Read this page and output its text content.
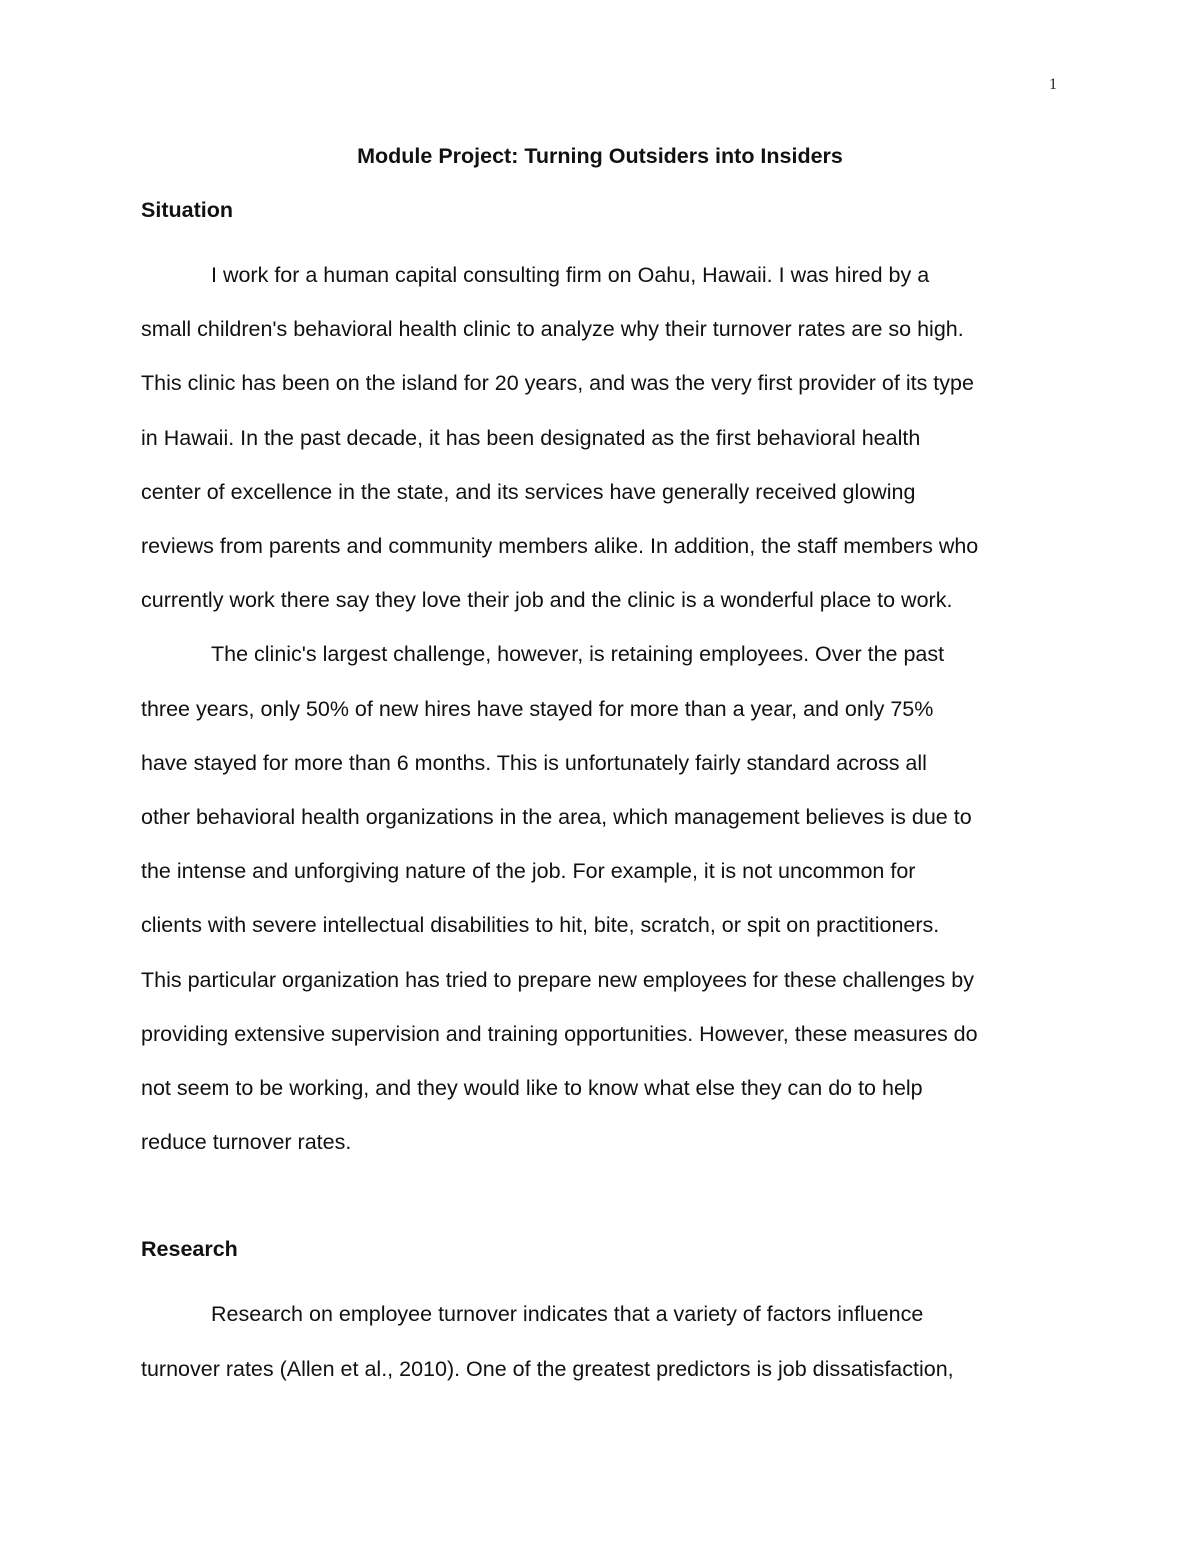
1
Module Project: Turning Outsiders into Insiders
Situation

I work for a human capital consulting firm on Oahu, Hawaii. I was hired by a
small children's behavioral health clinic to analyze why their turnover rates are so high.
This clinic has been on the island for 20 years, and was the very first provider of its type
in Hawaii. In the past decade, it has been designated as the first behavioral health
center of excellence in the state, and its services have generally received glowing
reviews from parents and community members alike. In addition, the staff members who
currently work there say they love their job and the clinic is a wonderful place to work.

The clinic's largest challenge, however, is retaining employees. Over the past
three years, only 50% of new hires have stayed for more than a year, and only 75%
have stayed for more than 6 months. This is unfortunately fairly standard across all
other behavioral health organizations in the area, which management believes is due to
the intense and unforgiving nature of the job. For example, it is not uncommon for
clients with severe intellectual disabilities to hit, bite, scratch, or spit on practitioners.
This particular organization has tried to prepare new employees for these challenges by
providing extensive supervision and training opportunities. However, these measures do
not seem to be working, and they would like to know what else they can do to help
reduce turnover rates.

Research

Research on employee turnover indicates that a variety of factors influence
turnover rates (Allen et al., 2010). One of the greatest predictors is job dissatisfaction,
